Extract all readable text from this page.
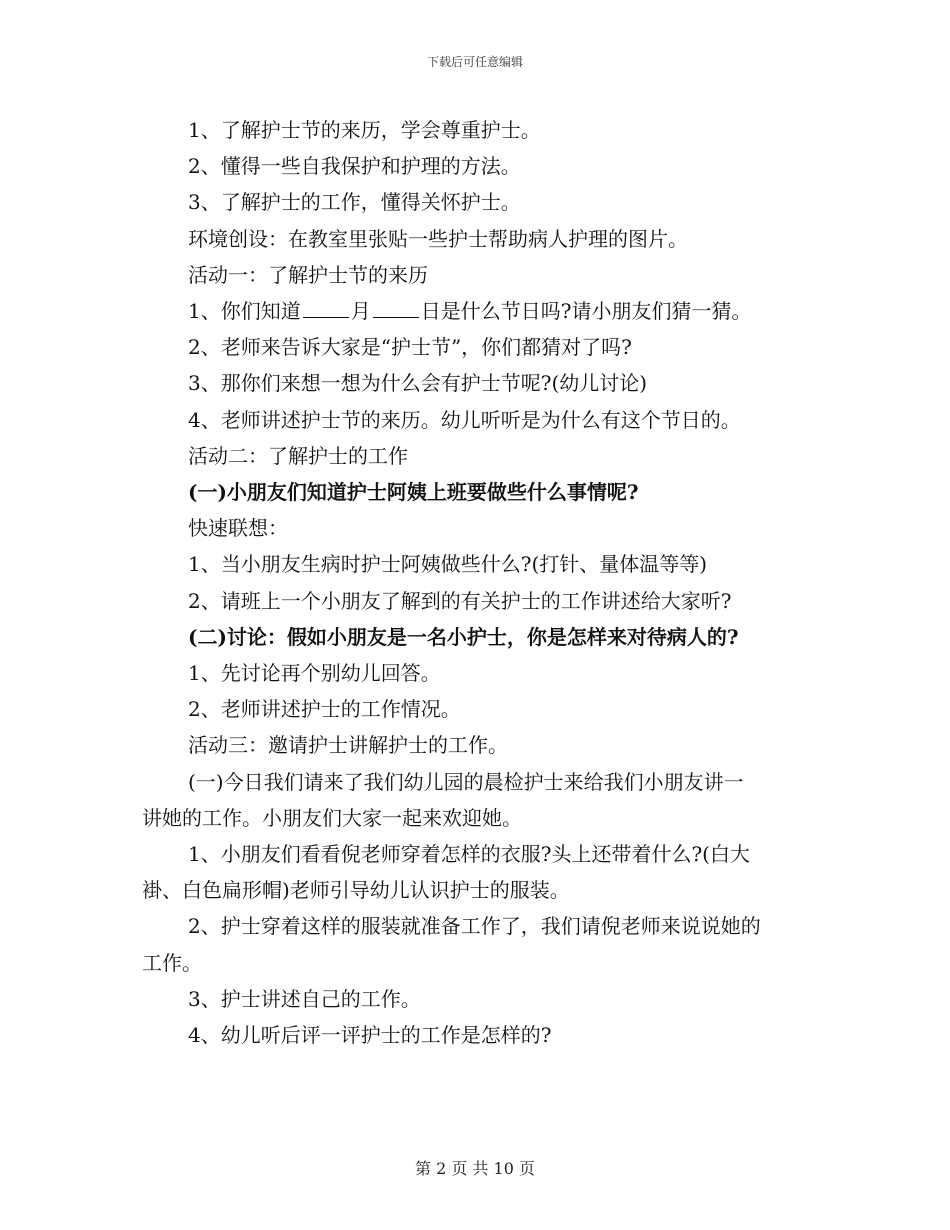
下载后可任意编辑

1、了解护士节的来历，学会尊重护士。

2、懂得一些自我保护和护理的方法。

3、了解护士的工作，懂得关怀护士。

环境创设：在教室里张贴一些护士帮助病人护理的图片。

活动一：了解护士节的来历

1、你们知道	月	日是什么节日吗?请小朋友们猜一猜。

2、老师来告诉大家是“护士节”，你们都猜对了吗?

3、那你们来想一想为什么会有护士节呢?(幼儿讨论)

4、老师讲述护士节的来历。幼儿听听是为什么有这个节日的。

活动二：了解护士的工作

(一)小朋友们知道护士阿姨上班要做些什么事情呢?

快速联想：

1、当小朋友生病时护士阿姨做些什么?(打针、量体温等等)

2、请班上一个小朋友了解到的有关护士的工作讲述给大家听?

(二)讨论：假如小朋友是一名小护士，你是怎样来对待病人的?

1、先讨论再个别幼儿回答。

2、老师讲述护士的工作情况。

活动三：邀请护士讲解护士的工作。

(一)今日我们请来了我们幼儿园的晨检护士来给我们小朋友讲一

讲她的工作。小朋友们大家一起来欢迎她。

1、小朋友们看看倪老师穿着怎样的衣服?头上还带着什么?(白大

褂、白色扁形帽)老师引导幼儿认识护士的服装。

2、护士穿着这样的服装就准备工作了，我们请倪老师来说说她的

工作。

3、护士讲述自己的工作。

4、幼儿听后评一评护士的工作是怎样的?

第 2 页 共 10 页
